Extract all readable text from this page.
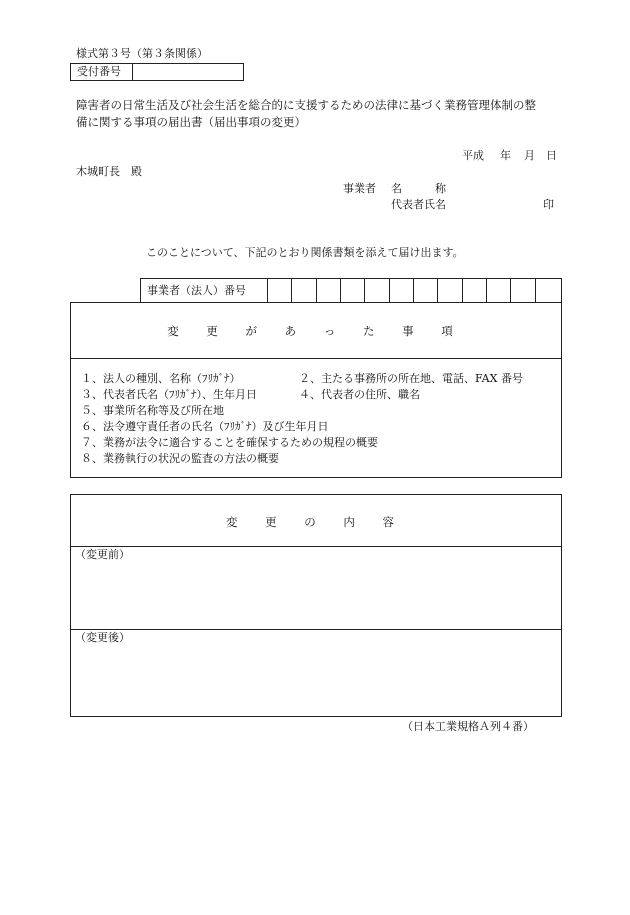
様式第３号（第３条関係）
受付番号
障害者の日常生活及び社会生活を総合的に支援するための法律に基づく業務管理体制の整
備に関する事項の届出書（届出事項の変更）
平成 年 月 日
木城町長　殿
事業者 名　　　称
代表者氏名	印
このことについて、下記のとおり関係書類を添えて届け出ます。
事業者（法人）番号
変 更 が あ っ た 事 項
１、法人の種別、名称（ﾌﾘｶﾞﾅ）	２、主たる事務所の所在地、電話、FAX 番号
３、代表者氏名（ﾌﾘｶﾞﾅ）、生年月日	４、代表者の住所、職名
５、事業所名称等及び所在地
６、法令遵守責任者の氏名（ﾌﾘｶﾞﾅ）及び生年月日
７、業務が法令に適合することを確保するための規程の概要
８、業務執行の状況の監査の方法の概要
変 更 の 内 容
（変更前）
（変更後）
（日本工業規格Ａ列４番）
